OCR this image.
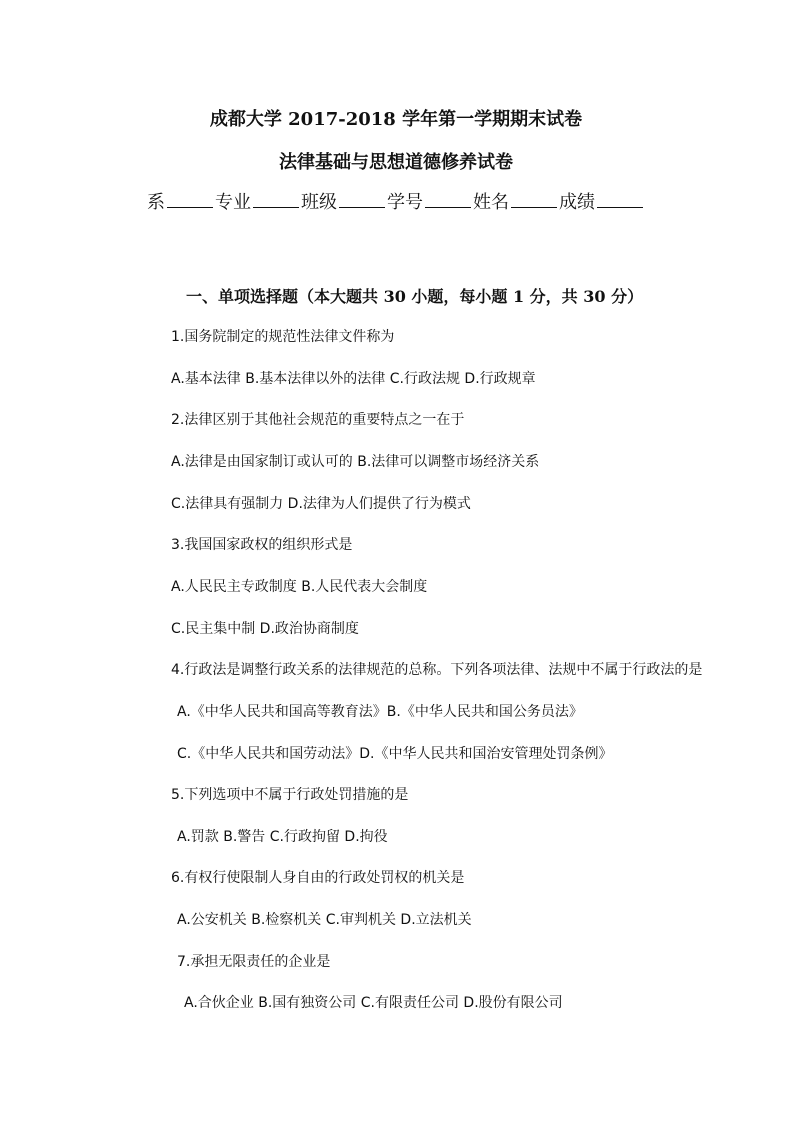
成都大学 2017-2018 学年第一学期期末试卷
法律基础与思想道德修养试卷
系	专业	班级	学号	姓名	成绩
一、单项选择题（本大题共 30 小题，每小题 1 分，共 30 分）
1.国务院制定的规范性法律文件称为
A.基本法律 B.基本法律以外的法律 C.行政法规 D.行政规章
2.法律区别于其他社会规范的重要特点之一在于
A.法律是由国家制订或认可的 B.法律可以调整市场经济关系
C.法律具有强制力 D.法律为人们提供了行为模式
3.我国国家政权的组织形式是
A.人民民主专政制度 B.人民代表大会制度
C.民主集中制 D.政治协商制度
4.行政法是调整行政关系的法律规范的总称。下列各项法律、法规中不属于行政法的是
A.《中华人民共和国高等教育法》B.《中华人民共和国公务员法》
C.《中华人民共和国劳动法》D.《中华人民共和国治安管理处罚条例》
5.下列选项中不属于行政处罚措施的是
A.罚款 B.警告 C.行政拘留 D.拘役
6.有权行使限制人身自由的行政处罚权的机关是
A.公安机关 B.检察机关 C.审判机关 D.立法机关
7.承担无限责任的企业是
A.合伙企业 B.国有独资公司 C.有限责任公司 D.股份有限公司
